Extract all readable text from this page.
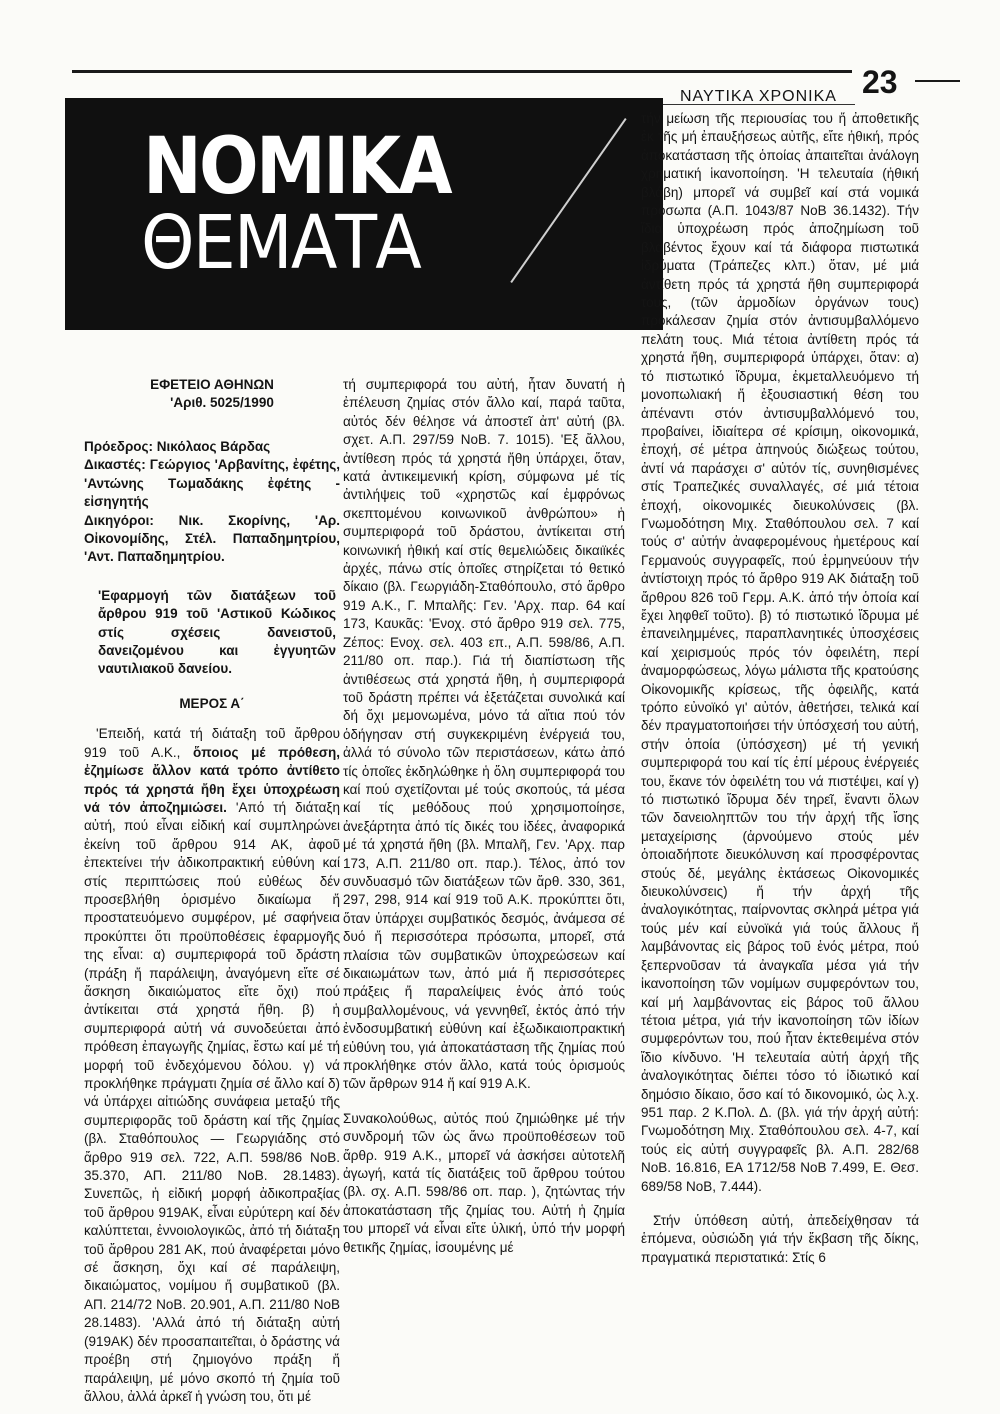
ΝΑΥΤΙΚΑ ΧΡΟΝΙΚΑ 23
ΝΟΜΙΚΑ
ΘΕΜΑΤΑ
ΕΦΕΤΕΙΟ ΑΘΗΝΩΝ
'Αριθ. 5025/1990

Πρόεδρος: Νικόλαος Βάρδας

Δικαστές: Γεώργιος 'Αρβανίτης, ἐφέτης, 'Αντώνης Τωμαδάκης ἐφέτης - εἰσηγητής

Δικηγόροι: Νικ. Σκορίνης, 'Αρ. Οἰκονομίδης, Στέλ. Παπαδημητρίου, 'Αντ. Παπαδημητρίου.

'Εφαρμογή τῶν διατάξεων τοῦ ἄρθρου 919 τοῦ 'Αστικοῦ Κώδικος στίς σχέσεις δανειστοῦ, δανειζομένου και ἐγγυητῶν ναυτιλιακοῦ δανείου.
ΜΕΡΟΣ Α΄

'Επειδή, κατά τή διάταξη τοῦ ἄρθρου 919 τοῦ Α.Κ., ὅποιος μέ πρόθεση, ἐζημίωσε ἄλλον κατά τρόπο ἀντίθετο πρός τά χρηστά ἤθη ἔχει ὑποχρέωση νά τόν ἀποζημιώσει. 'Από τή διάταξη αὐτή, πού εἶναι εἰδική καί συμπληρώνει ἐκείνη τοῦ ἄρθρου 914 ΑΚ, ἀφοῦ ἐπεκτείνει τήν ἀδικοπρακτική εὐθύνη καί στίς περιπτώσεις πού εὐθέως δέν προσεβλήθη ὁρισμένο δικαίωμα ἤ προστατευόμενο συμφέρον, μέ σαφήνεια προκύπτει ὅτι προϋποθέσεις ἐφαρμογῆς της εἶναι: α) συμπεριφορά τοῦ δράστη (πράξη ἤ παράλειψη, ἀναγόμενη εἴτε σέ ἄσκηση δικαιώματος εἴτε ὄχι) πού ἀντίκειται στά χρηστά ἤθη. β) ἡ συμπεριφορά αὐτή νά συνοδεύεται ἀπό πρόθεση ἐπαγωγῆς ζημίας, ἔστω καί μέ τή μορφή τοῦ ἐνδεχόμενου δόλου. γ) νά προκλήθηκε πράγματι ζημία σέ ἄλλο καί δ) νά ὑπάρχει αἰτιώδης συνάφεια μεταξύ τῆς συμπεριφορᾶς τοῦ δράστη καί τῆς ζημίας (βλ. Σταθόπουλος — Γεωργιάδης στό ἄρθρο 919 σελ. 722, Α.Π. 598/86 ΝοΒ. 35.370, ΑΠ. 211/80 ΝοΒ. 28.1483). Συνεπῶς, ἡ εἰδική μορφή ἀδικοπραξίας τοῦ ἄρθρου 919ΑΚ, εἶναι εὐρύτερη καί δέν καλύπτεται, ἐννοιολογικῶς, ἀπό τή διάταξη τοῦ ἄρθρου 281 ΑΚ, πού ἀναφέρεται μόνο σέ ἄσκηση, ὄχι καί σέ παράλειψη, δικαιώματος, νομίμου ἤ συμβατικοῦ (βλ. ΑΠ. 214/72 ΝοΒ. 20.901, Α.Π. 211/80 ΝοΒ 28.1483). 'Αλλά ἀπό τή διάταξη αὐτή (919ΑΚ) δέν προσαπαιτεῖται, ὁ δράστης νά προέβη στή ζημιογόνο πράξη ἤ παράλειψη, μέ μόνο σκοπό τή ζημία τοῦ ἄλλου, ἀλλά ἀρκεῖ ἡ γνώση του, ὅτι μέ

τή συμπεριφορά του αὐτή, ἦταν δυνατή ἡ ἐπέλευση ζημίας στόν ἄλλο καί, παρά ταῦτα, αὐτός δέν θέλησε νά ἀποστεῖ ἀπ' αὐτή (βλ. σχετ. Α.Π. 297/59 ΝοΒ. 7. 1015). 'Εξ ἄλλου, ἀντίθεση πρός τά χρηστά ἤθη ὑπάρχει, ὅταν, κατά ἀντικειμενική κρίση, σύμφωνα μέ τίς ἀντιλήψεις τοῦ «χρηστῶς καί ἐμφρόνως σκεπτομένου κοινωνικοῦ ἀνθρώπου» ἡ συμπεριφορά τοῦ δράστου, ἀντίκειται στή κοινωνική ἠθική καί στίς θεμελιώδεις δικαιϊκές ἀρχές, πάνω στίς ὁποῖες στηρίζεται τό θετικό δίκαιο (βλ. Γεωργιάδη-Σταθόπουλο, στό ἄρθρο 919 Α.Κ., Γ. Μπαλῆς: Γεν. 'Αρχ. παρ. 64 καί 173, Καυκᾶς: 'Ενοχ. στό ἄρθρο 919 σελ. 775, Ζέπος: Ενοχ. σελ. 403 επ., Α.Π. 598/86, Α.Π. 211/80 οπ. παρ.). Γιά τή διαπίστωση τῆς ἀντιθέσεως στά χρηστά ἤθη, ἡ συμπεριφορά τοῦ δράστη πρέπει νά ἐξετάζεται συνολικά καί δή ὄχι μεμονωμένα, μόνο τά αἴτια πού τόν ὁδήγησαν στή συγκεκριμένη ἐνέργειά του, ἀλλά τό σύνολο τῶν περιστάσεων, κάτω ἀπό τίς ὁποῖες ἐκδηλώθηκε ἡ ὅλη συμπεριφορά του καί πού σχετίζονται μέ τούς σκοπούς, τά μέσα καί τίς μεθόδους πού χρησιμοποίησε, ἀνεξάρτητα ἀπό τίς δικές του ἰδέες, ἀναφορικά μέ τά χρηστά ἤθη (βλ. Μπαλῆ, Γεν. 'Αρχ. παρ 173, Α.Π. 211/80 οπ. παρ.). Τέλος, ἀπό τον συνδυασμό τῶν διατάξεων τῶν ἄρθ. 330, 361, 297, 298, 914 καί 919 τοῦ Α.Κ. προκύπτει ὅτι, ὅταν ὑπάρχει συμβατικός δεσμός, ἀνάμεσα σέ δυό ἤ περισσότερα πρόσωπα, μπορεῖ, στά πλαίσια τῶν συμβατικῶν ὑποχρεώσεων καί δικαιωμάτων των, ἀπό μιά ἤ περισσότερες πράξεις ἤ παραλείψεις ἑνός ἀπό τούς συμβαλλομένους, νά γεννηθεῖ, ἐκτός ἀπό τήν ἐνδοσυμβατική εὐθύνη καί ἐξωδικαιοπρακτική εὐθύνη του, γιά ἀποκατάσταση τῆς ζημίας πού προκλήθηκε στόν ἄλλο, κατά τούς ὁρισμούς τῶν ἄρθρων 914 ἤ καί 919 Α.Κ.

Συνακολούθως, αὐτός πού ζημιώθηκε μέ τήν συνδρομή τῶν ὡς ἄνω προϋποθέσεων τοῦ ἄρθρ. 919 Α.Κ., μπορεῖ νά ἀσκήσει αὐτοτελῆ ἀγωγή, κατά τίς διατάξεις τοῦ ἄρθρου τούτου (βλ. σχ. Α.Π. 598/86 οπ. παρ. ), ζητώντας τήν ἀποκατάσταση τῆς ζημίας του. Αὐτή ἡ ζημία του μπορεῖ νά εἶναι εἴτε ὑλική, ὑπό τήν μορφή θετικῆς ζημίας, ἰσουμένης μέ

τήν μείωση τῆς περιουσίας του ἤ ἀποθετικῆς ἐκ τῆς μή ἐπαυξήσεως αὐτῆς, εἴτε ἠθική, πρός ἀποκατάσταση τῆς ὁποίας ἀπαιτεῖται ἀνάλογη χρηματική ἱκανοποίηση. 'Η τελευταία (ἠθική βλάβη) μπορεῖ νά συμβεῖ καί στά νομικά πρόσωπα (Α.Π. 1043/87 ΝοΒ 36.1432). Τήν ἴδια ὑποχρέωση πρός ἀποζημίωση τοῦ βλαβέντος ἔχουν καί τά διάφορα πιστωτικά ἱδρύματα (Τράπεζες κλπ.) ὅταν, μέ μιά ἀντίθετη πρός τά χρηστά ἤθη συμπεριφορά τους, (τῶν ἁρμοδίων ὀργάνων τους) προκάλεσαν ζημία στόν ἀντισυμβαλλόμενο πελάτη τους. Μιά τέτοια ἀντίθετη πρός τά χρηστά ἤθη, συμπεριφορά ὑπάρχει, ὅταν: α) τό πιστωτικό ἵδρυμα, ἐκμεταλλευόμενο τή μονοπωλιακή ἤ ἐξουσιαστική θέση του ἀπέναντι στόν ἀντισυμβαλλόμενό του, προβαίνει, ἰδιαίτερα σέ κρίσιμη, οἰκονομικά, ἐποχή, σέ μέτρα ἀπηνούς διώξεως τούτου, ἀντί νά παράσχει σ' αὐτόν τίς, συνηθισμένες στίς Τραπεζικές συναλλαγές, σέ μιά τέτοια ἐποχή, οἰκονομικές διευκολύνσεις (βλ. Γνωμοδότηση Μιχ. Σταθόπουλου σελ. 7 καί τούς σ' αὐτήν ἀναφερομένους ἡμετέρους καί Γερμανούς συγγραφεῖς, πού ἑρμηνεύουν τήν ἀντίστοιχη πρός τό ἄρθρο 919 ΑΚ διάταξη τοῦ ἄρθρου 826 τοῦ Γερμ. Α.Κ. ἀπό τήν ὁποία καί ἔχει ληφθεῖ τοῦτο). β) τό πιστωτικό ἵδρυμα μέ ἐπανειλημμένες, παραπλανητικές ὑποσχέσεις καί χειρισμούς πρός τόν ὀφειλέτη, περί ἀναμορφώσεως, λόγω μάλιστα τῆς κρατούσης Οἰκονομικῆς κρίσεως, τῆς ὀφειλῆς, κατά τρόπο εὐνοϊκό γι' αὐτόν, ἀθετήσει, τελικά καί δέν πραγματοποιήσει τήν ὑπόσχεσή του αὐτή, στήν ὁποία (ὑπόσχεση) μέ τή γενική συμπεριφορά του καί τίς ἐπί μέρους ἐνέργειές του, ἔκανε τόν ὀφειλέτη του νά πιστέψει, καί γ) τό πιστωτικό ἵδρυμα δέν τηρεῖ, ἔναντι ὅλων τῶν δανειοληπτῶν του τήν ἀρχή τῆς ἴσης μεταχείρισης (ἀρνούμενο στούς μέν ὁποιαδήποτε διευκόλυνση καί προσφέροντας στούς δέ, μεγάλης ἐκτάσεως Οἰκονομικές διευκολύνσεις) ἤ τήν ἀρχή τῆς ἀναλογικότητας, παίρνοντας σκληρά μέτρα γιά τούς μέν καί εὐνοϊκά γιά τούς ἄλλους ἤ λαμβάνοντας εἰς βάρος τοῦ ἑνός μέτρα, πού ξεπερνοῦσαν τά ἀναγκαῖα μέσα γιά τήν ἱκανοποίηση τῶν νομίμων συμφερόντων του, καί μή λαμβάνοντας εἰς βάρος τοῦ ἄλλου τέτοια μέτρα, γιά τήν ἱκανοποίηση τῶν ἰδίων συμφερόντων του, πού ἦταν ἐκτεθειμένα στόν ἴδιο κίνδυνο. 'Η τελευταία αὐτή ἀρχή τῆς ἀναλογικότητας διέπει τόσο τό ἰδιωτικό καί δημόσιο δίκαιο, ὅσο καί τό δικονομικό, ὡς λ.χ. 951 παρ. 2 Κ.Πολ. Δ. (βλ. γιά τήν ἀρχή αὐτή: Γνωμοδότηση Μιχ. Σταθόπουλου σελ. 4-7, καί τούς εἰς αὐτή συγγραφεῖς βλ. Α.Π. 282/68 ΝοΒ. 16.816, ΕΑ 1712/58 ΝοΒ 7.499, Ε. Θεσ. 689/58 ΝοΒ, 7.444).

Στήν ὑπόθεση αὐτή, ἀπεδείχθησαν τά ἑπόμενα, οὐσιώδη γιά τήν ἔκβαση τῆς δίκης, πραγματικά περιστατικά: Στίς 6
